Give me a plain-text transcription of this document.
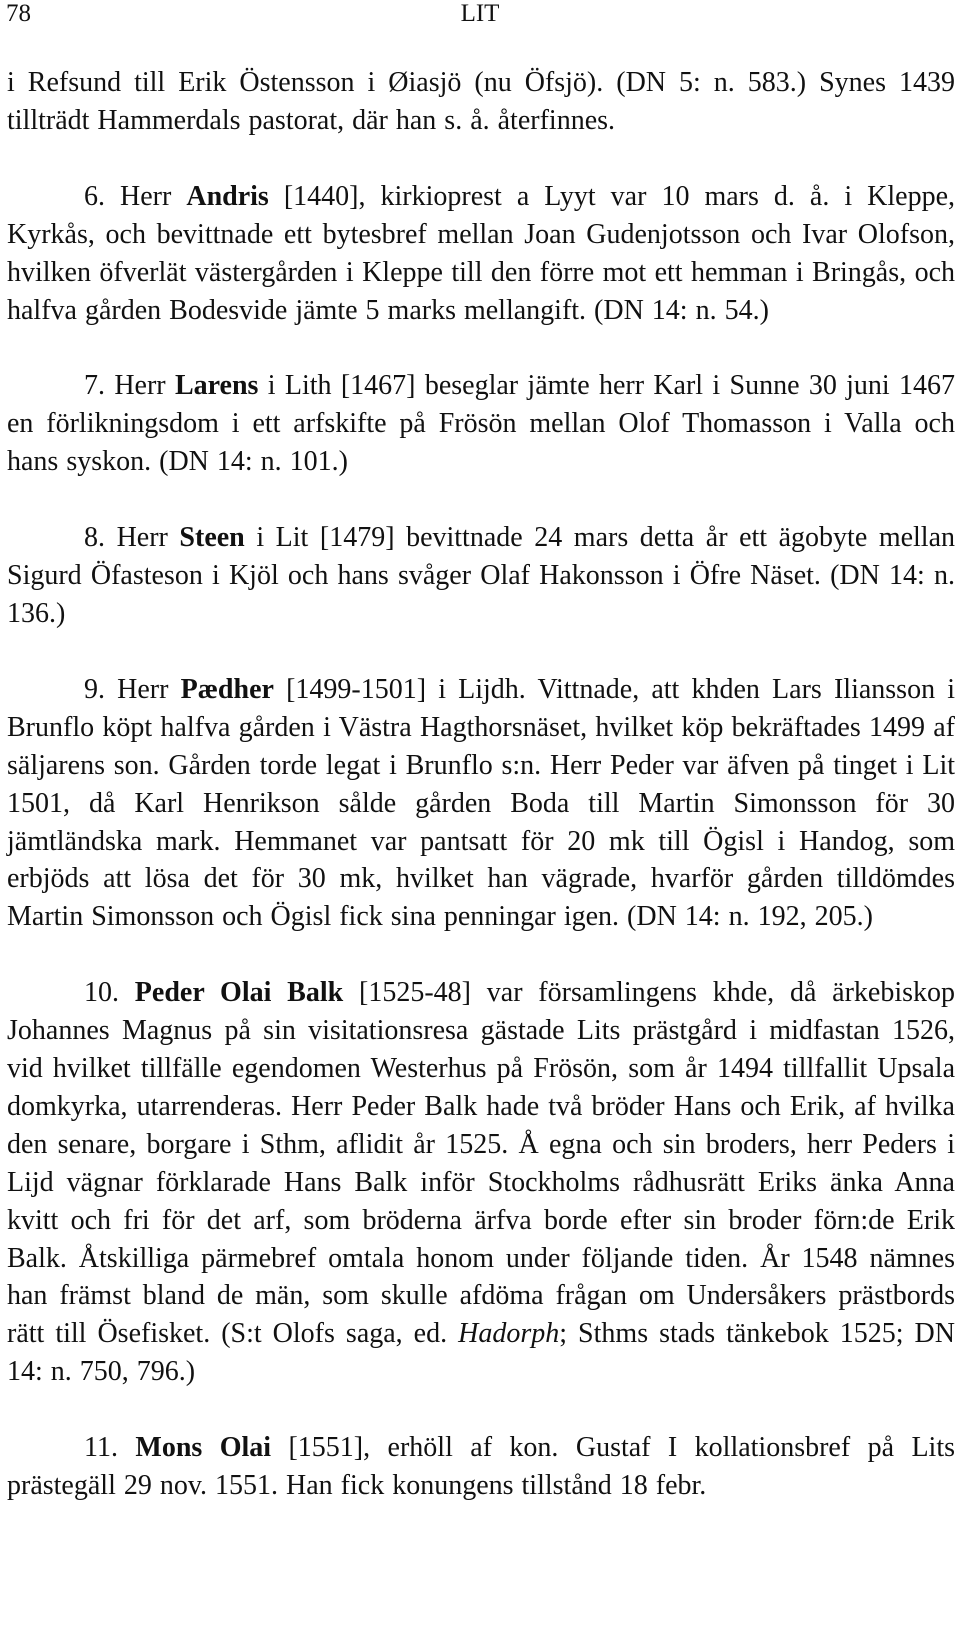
78	LIT

i Refsund till Erik Östensson i Øiasjö (nu Öfsjö). (DN 5: n. 583.) Synes 1439 tillträdt Hammerdals pastorat, där han s. å. återfinnes.

6. Herr Andris [1440], kirkioprest a Lyyt var 10 mars d. å. i Kleppe, Kyrkås, och bevittnade ett bytesbref mellan Joan Gudenjotsson och Ivar Olofson, hvilken öfverlät västergården i Kleppe till den förre mot ett hemman i Bringås, och halfva gården Bodesvide jämte 5 marks mellangift. (DN 14: n. 54.)

7. Herr Larens i Lith [1467] beseglar jämte herr Karl i Sunne 30 juni 1467 en förlikningsdom i ett arfskifte på Frösön mellan Olof Thomasson i Valla och hans syskon. (DN 14: n. 101.)

8. Herr Steen i Lit [1479] bevittnade 24 mars detta år ett ägobyte mellan Sigurd Öfasteson i Kjöl och hans svåger Olaf Hakonsson i Öfre Näset. (DN 14: n. 136.)

9. Herr Pædher [1499-1501] i Lijdh. Vittnade, att khden Lars Iliansson i Brunflo köpt halfva gården i Västra Hagthorsnäset, hvilket köp bekräftades 1499 af säljarens son. Gården torde legat i Brunflo s:n. Herr Peder var äfven på tinget i Lit 1501, då Karl Henrikson sålde gården Boda till Martin Simonsson för 30 jämtländska mark. Hemmanet var pantsatt för 20 mk till Ögisl i Handog, som erbjöds att lösa det för 30 mk, hvilket han vägrade, hvarför gården tilldömdes Martin Simonsson och Ögisl fick sina penningar igen. (DN 14: n. 192, 205.)

10. Peder Olai Balk [1525-48] var församlingens khde, då ärkebiskop Johannes Magnus på sin visitationsresa gästade Lits prästgård i midfastan 1526, vid hvilket tillfälle egendomen Westerhus på Frösön, som år 1494 tillfallit Upsala domkyrka, utarrenderas. Herr Peder Balk hade två bröder Hans och Erik, af hvilka den senare, borgare i Sthm, aflidit år 1525. Å egna och sin broders, herr Peders i Lijd vägnar förklarade Hans Balk inför Stockholms rådhusrätt Eriks änka Anna kvitt och fri för det arf, som bröderna ärfva borde efter sin broder förn:de Erik Balk. Åtskilliga pärmebref omtala honom under följande tiden. År 1548 nämnes han främst bland de män, som skulle afdöma frågan om Undersåkers prästbords rätt till Ösefisket. (S:t Olofs saga, ed. Hadorph; Sthms stads tänkebok 1525; DN 14: n. 750, 796.)

11. Mons Olai [1551], erhöll af kon. Gustaf I kollationsbref på Lits prästegäll 29 nov. 1551. Han fick konungens tillstånd 18 febr.
